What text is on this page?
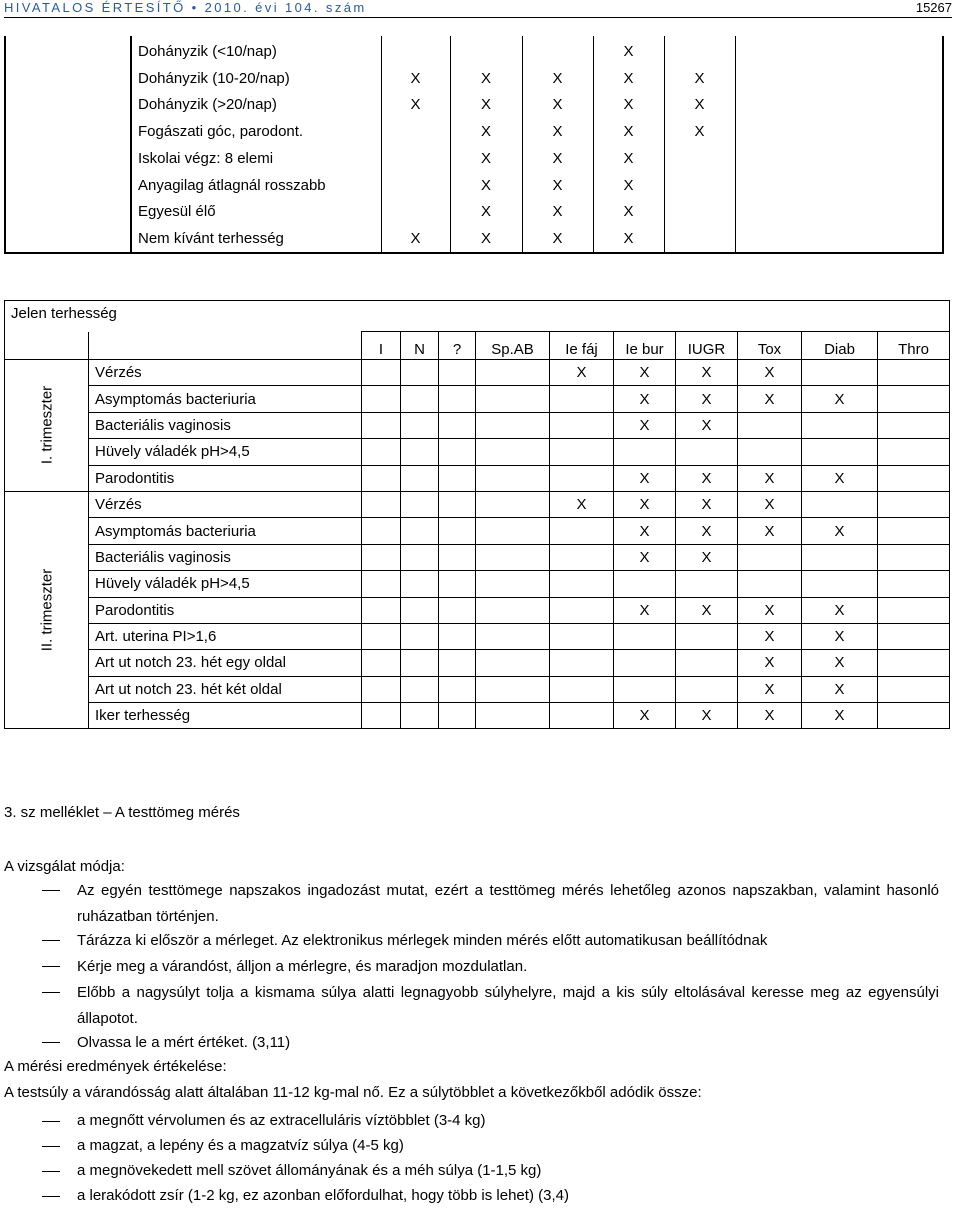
HIVATALOS ÉRTESÍTŐ • 2010. évi 104. szám	15267
	Dohányzik (<10/nap)				X		
	Dohányzik (10-20/nap)	X	X	X	X	X	
	Dohányzik (>20/nap)	X	X	X	X	X	
	Fogászati góc, parodont.		X	X	X	X	
	Iskolai végz: 8 elemi		X	X	X		
	Anyagilag átlagnál rosszabb		X	X	X		
	Egyesül élő		X	X	X		
	Nem kívánt terhesség	X	X	X	X		
Jelen terhesség											
		I	N	?	Sp.AB	Ie fáj	Ie bur	IUGR	Tox	Diab	Thro

I. trimeszter	Vérzés					X	X	X	X		
	Asymptomás bacteriuria						X	X	X	X	
	Bacteriális vaginosis						X	X			
	Hüvely váladék pH>4,5										
	Parodontitis						X	X	X	X	

II. trimeszter	Vérzés					X	X	X	X		
	Asymptomás bacteriuria						X	X	X	X	
	Bacteriális vaginosis						X	X			
	Hüvely váladék pH>4,5										
	Parodontitis						X	X	X	X	
	Art. uterina PI>1,6								X	X	
	Art ut notch 23. hét egy oldal								X	X	
	Art ut notch 23. hét két oldal								X	X	
	Iker terhesség						X	X	X	X	
3. sz melléklet – A testtömeg mérés
A vizsgálat módja:
Az egyén testtömege napszakos ingadozást mutat, ezért a testtömeg mérés lehetőleg azonos napszakban, valamint hasonló ruházatban történjen.
Tárázza ki először a mérleget. Az elektronikus mérlegek minden mérés előtt automatikusan beállítódnak
Kérje meg a várandóst, álljon a mérlegre, és maradjon mozdulatlan.
Előbb a nagysúlyt tolja a kismama súlya alatti legnagyobb súlyhelyre, majd a kis súly eltolásával keresse meg az egyensúlyi állapotot.
Olvassa le a mért értéket. (3,11)
A mérési eredmények értékelése:
A testsúly a várandósság alatt általában 11-12 kg-mal nő. Ez a súlytöbblet a következőkből adódik össze:
a megnőtt vérvolumen és az extracelluláris víztöbblet (3-4 kg)
a magzat, a lepény és a magzatvíz súlya (4-5 kg)
a megnövekedett mell szövet állományának és a méh súlya (1-1,5 kg)
a lerakódott zsír (1-2 kg, ez azonban előfordulhat, hogy több is lehet) (3,4)
